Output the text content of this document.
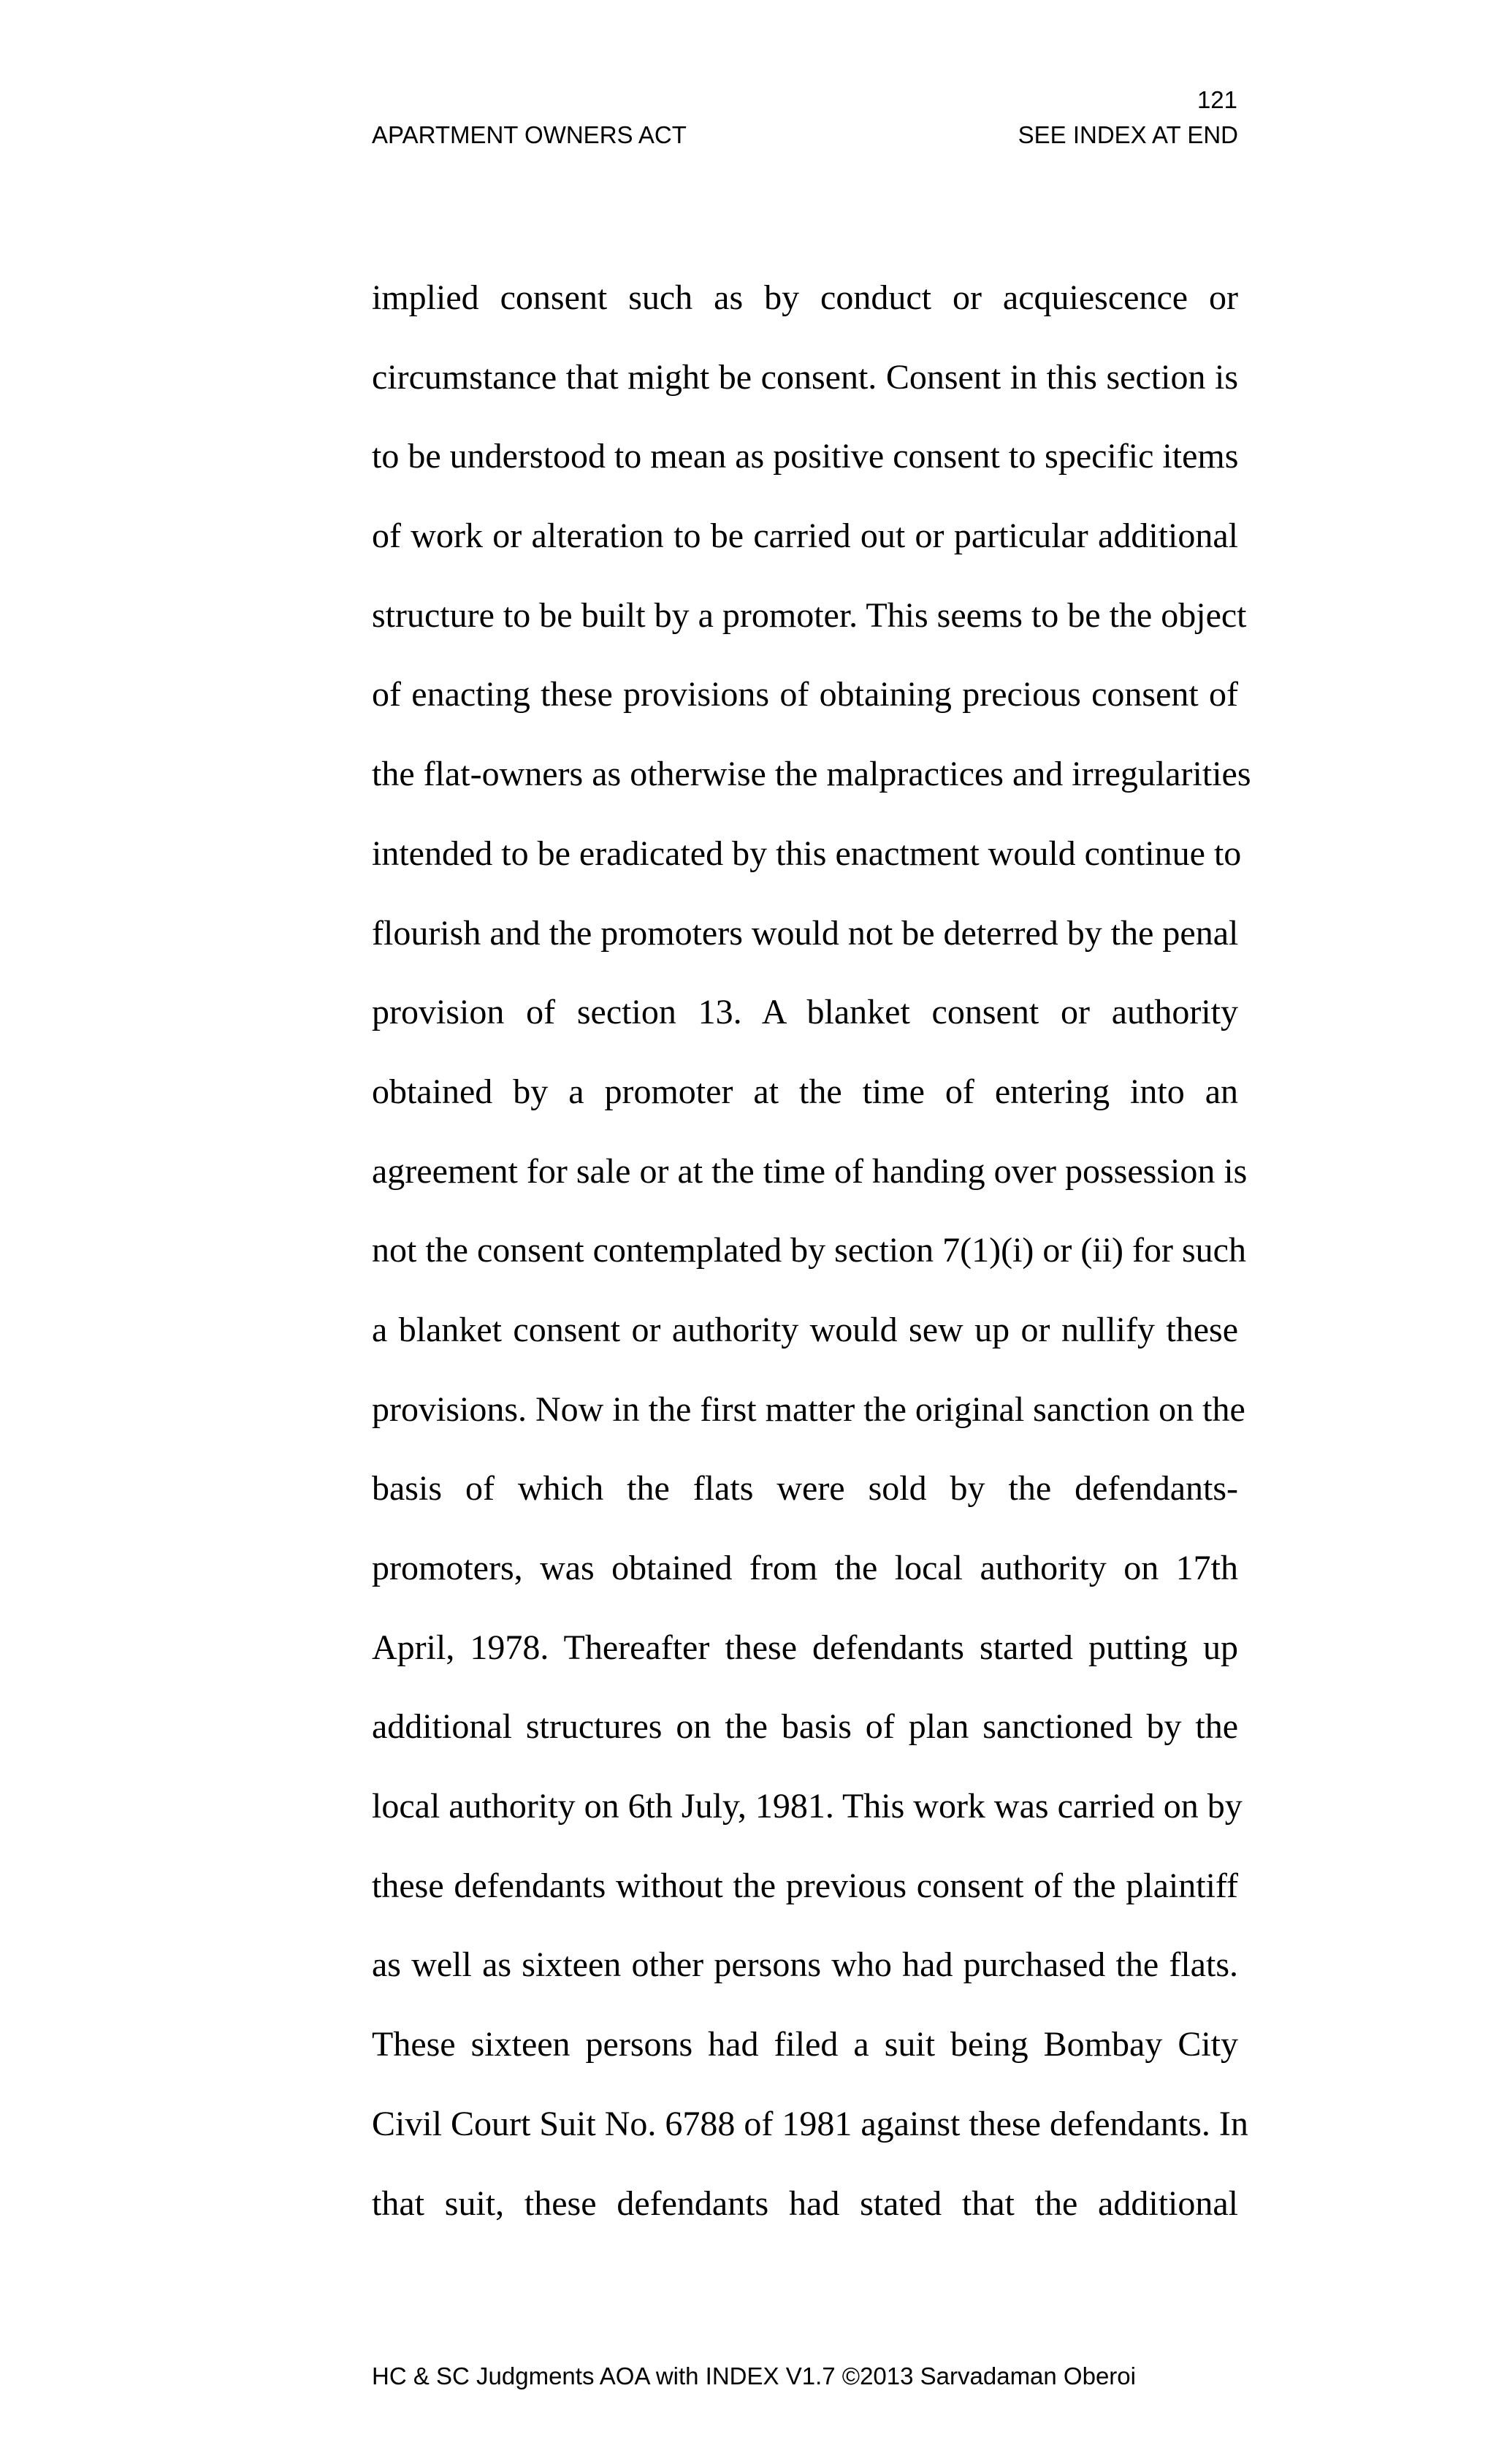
121
APARTMENT OWNERS ACT	SEE INDEX AT END
implied consent such as by conduct or acquiescence or
circumstance that might be consent. Consent in this section is
to be understood to mean as positive consent to specific items
of work or alteration to be carried out or particular additional
structure to be built by a promoter. This seems to be the object
of enacting these provisions of obtaining precious consent of
the flat-owners as otherwise the malpractices and irregularities
intended to be eradicated by this enactment would continue to
flourish and the promoters would not be deterred by the penal
provision of section 13. A blanket consent or authority
obtained by a promoter at the time of entering into an
agreement for sale or at the time of handing over possession is
not the consent contemplated by section 7(1)(i) or (ii) for such
a blanket consent or authority would sew up or nullify these
provisions. Now in the first matter the original sanction on the
basis of which the flats were sold by the defendants-
promoters, was obtained from the local authority on 17th
April, 1978. Thereafter these defendants started putting up
additional structures on the basis of plan sanctioned by the
local authority on 6th July, 1981. This work was carried on by
these defendants without the previous consent of the plaintiff
as well as sixteen other persons who had purchased the flats.
These sixteen persons had filed a suit being Bombay City
Civil Court Suit No. 6788 of 1981 against these defendants. In
that suit, these defendants had stated that the additional
HC & SC Judgments AOA with INDEX V1.7 ©2013 Sarvadaman Oberoi
